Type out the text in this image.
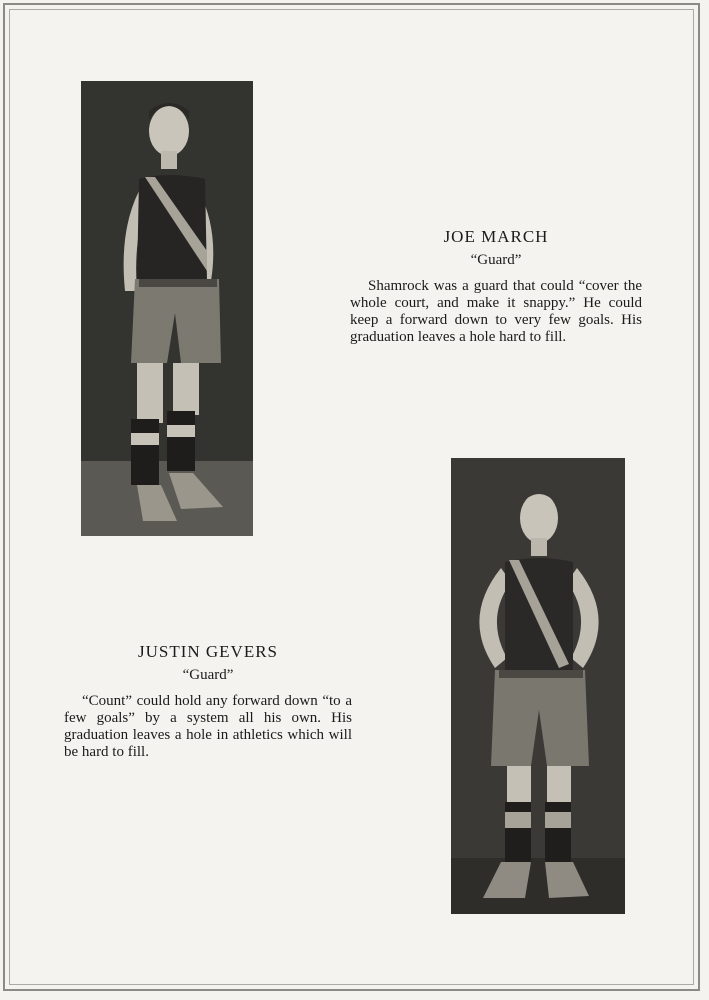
JOE MARCH

“Guard”

Shamrock was a guard that could “cover the whole court, and make it snappy.” He could keep a forward down to very few goals. His graduation leaves a hole hard to fill.

JUSTIN GEVERS

“Guard”

“Count” could hold any forward down “to a few goals” by a system all his own. His graduation leaves a hole in athletics which will be hard to fill.
